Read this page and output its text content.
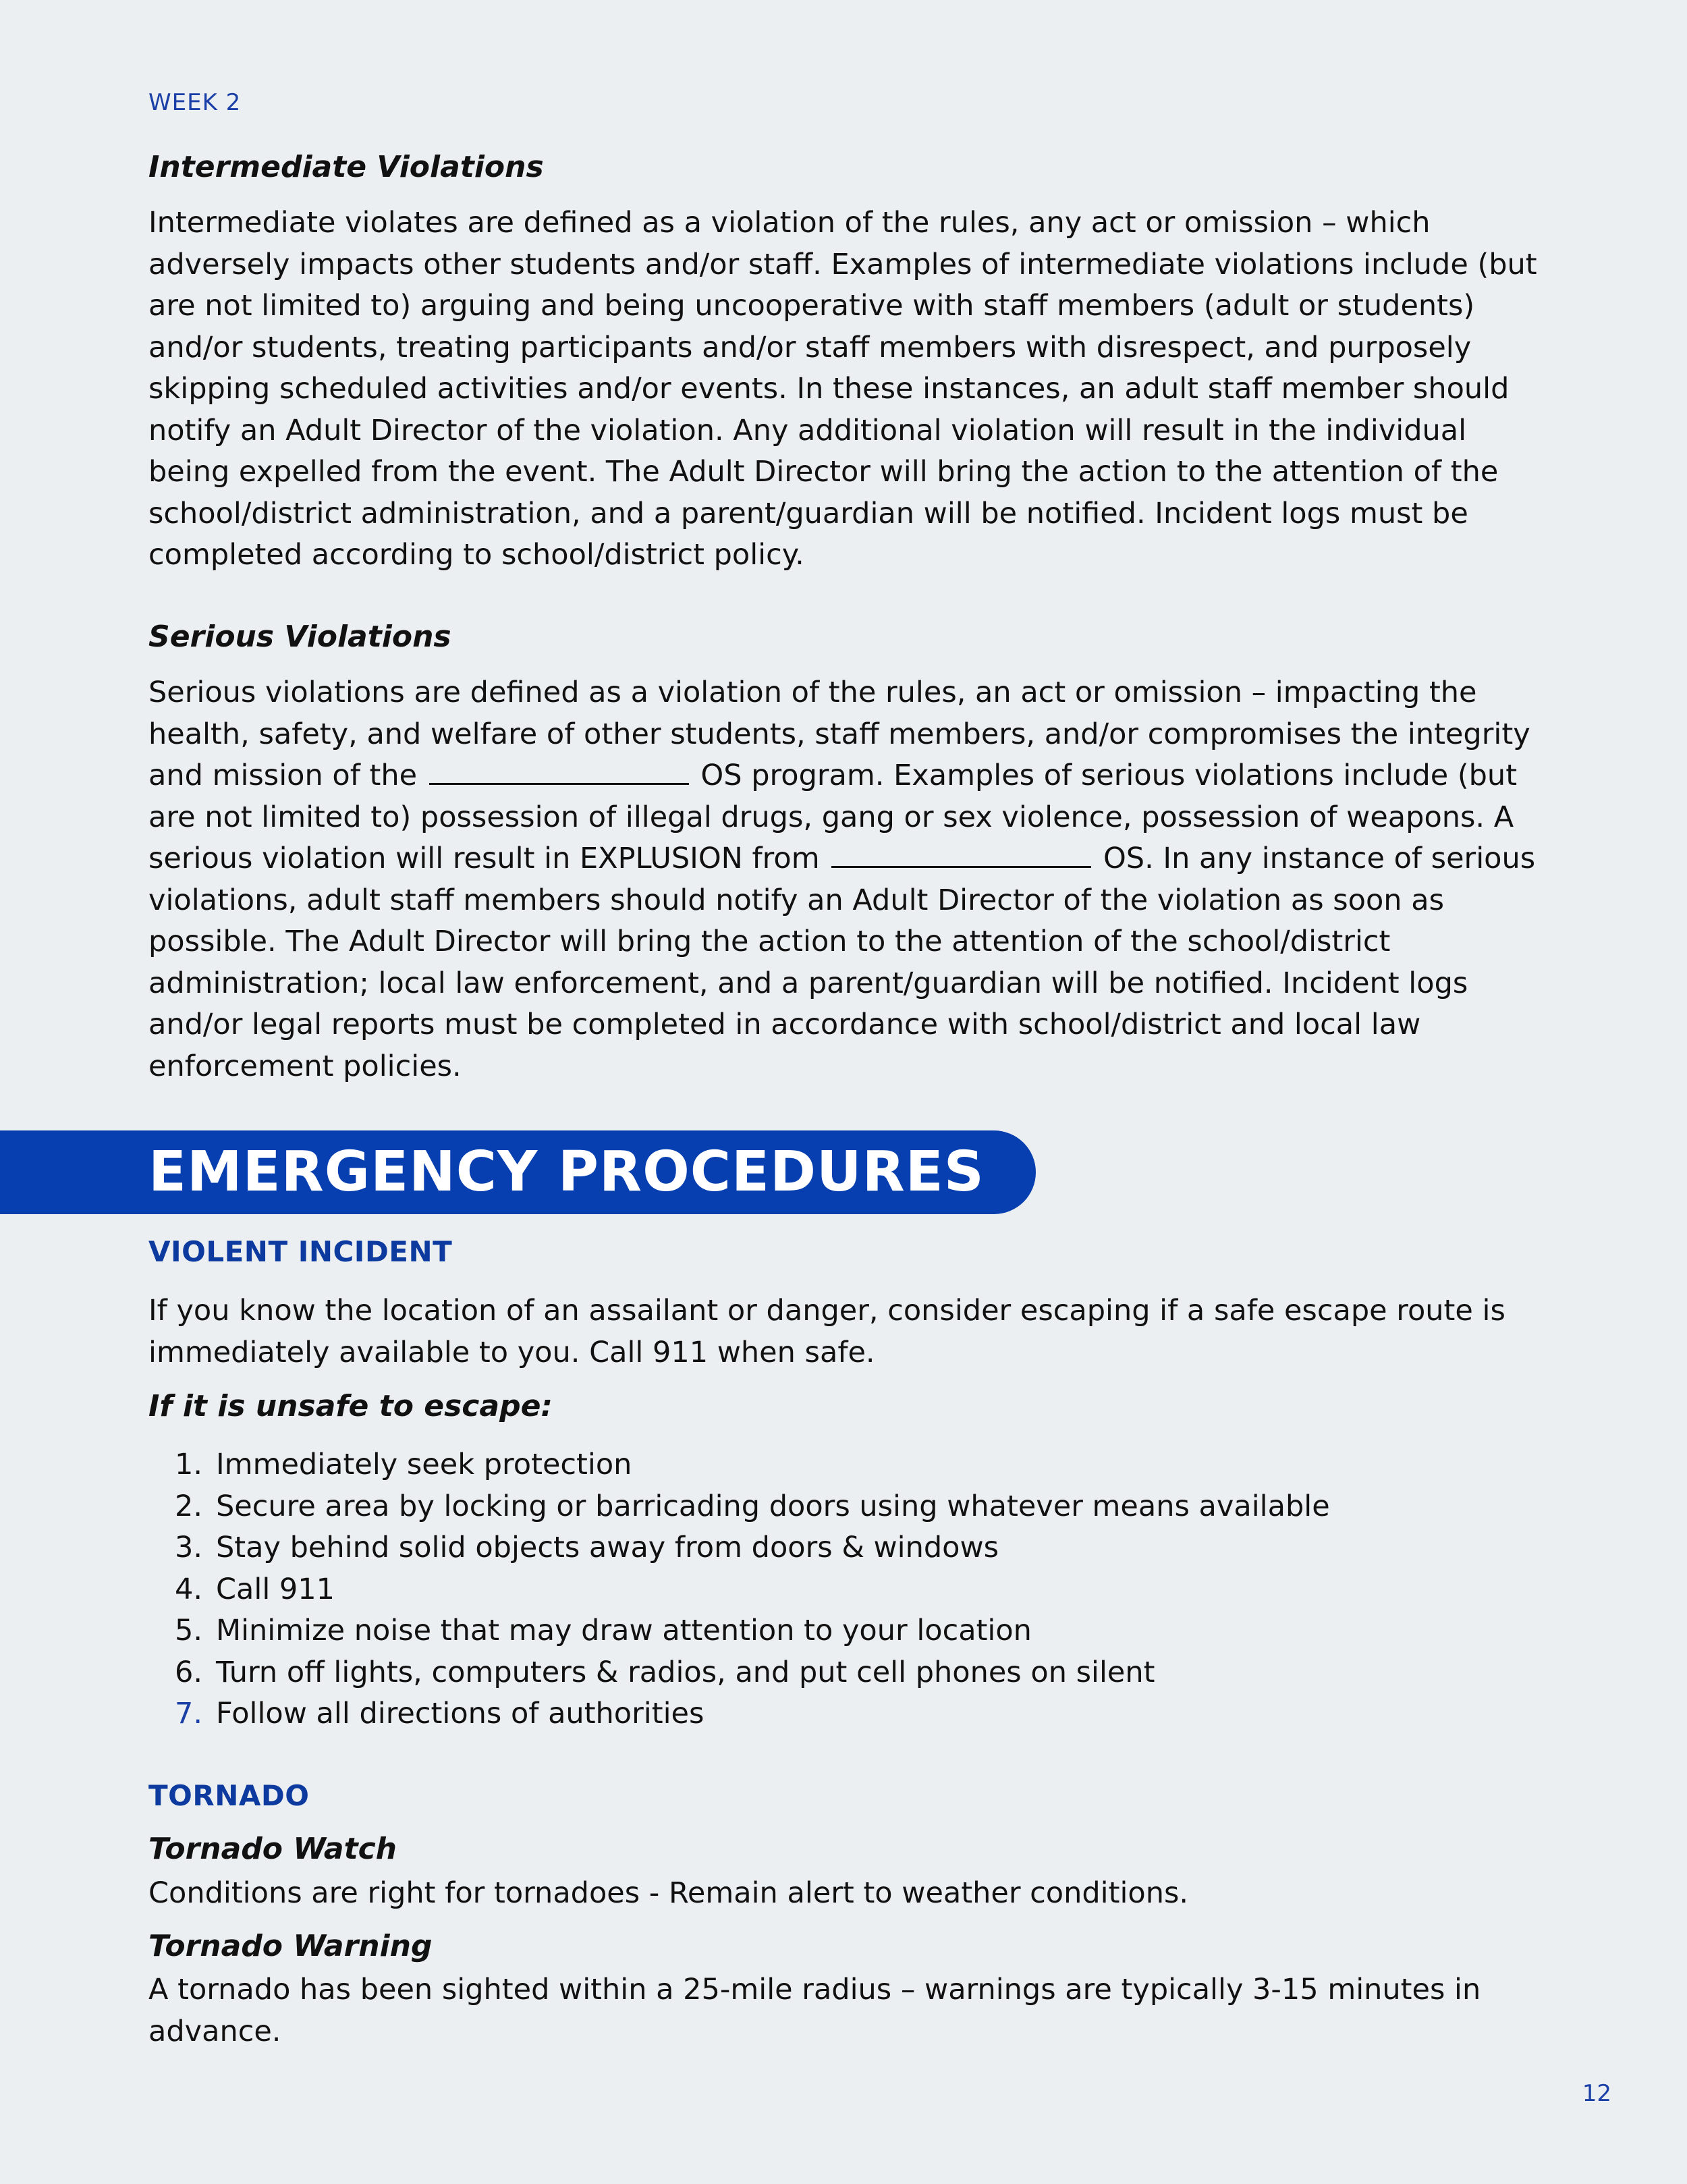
EMERGENCY PROCEDURES
WEEK 2
Intermediate Violations

Intermediate violates are defined as a violation of the rules, any act or omission – which adversely impacts other students and/or staff. Examples of intermediate violations include (but are not limited to) arguing and being uncooperative with staff members (adult or students) and/or students, treating participants and/or staff members with disrespect, and purposely skipping scheduled activities and/or events. In these instances, an adult staff member should notify an Adult Director of the violation. Any additional violation will result in the individual being expelled from the event. The Adult Director will bring the action to the attention of the school/district administration, and a parent/guardian will be notified. Incident logs must be completed according to school/district policy.

Serious Violations

Serious violations are defined as a violation of the rules, an act or omission – impacting the health, safety, and welfare of other students, staff members, and/or compromises the integrity and mission of the	OS program. Examples of serious violations include (but are not limited to) possession of illegal drugs, gang or sex violence, possession of weapons. A serious violation will result in EXPLUSION from	OS. In any instance of serious violations, adult staff members should notify an Adult Director of the violation as soon as possible. The Adult Director will bring the action to the attention of the school/district administration; local law enforcement, and a parent/guardian will be notified. Incident logs and/or legal reports must be completed in accordance with school/district and local law enforcement policies.

VIOLENT INCIDENT

If you know the location of an assailant or danger, consider escaping if a safe escape route is immediately available to you. Call 911 when safe.

If it is unsafe to escape:
1. Immediately seek protection
2. Secure area by locking or barricading doors using whatever means available
3. Stay behind solid objects away from doors & windows
4. Call 911
5. Minimize noise that may draw attention to your location
6. Turn off lights, computers & radios, and put cell phones on silent
7. Follow all directions of authorities
TORNADO
Tornado Watch

Conditions are right for tornadoes - Remain alert to weather conditions.

Tornado Warning

A tornado has been sighted within a 25-mile radius – warnings are typically 3-15 minutes in advance.

12
